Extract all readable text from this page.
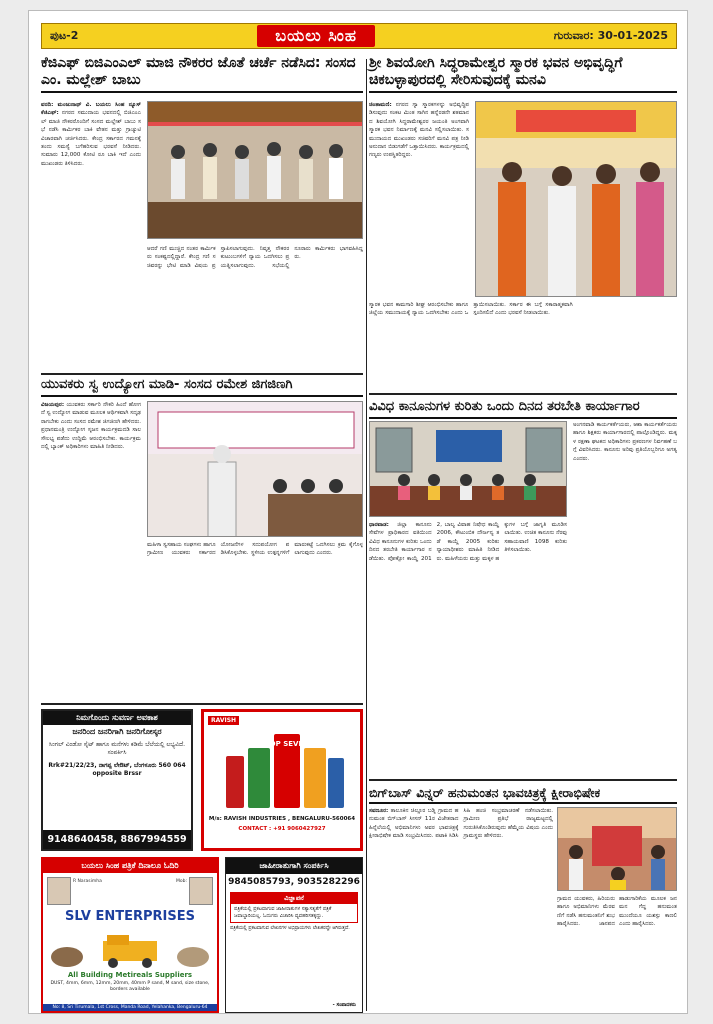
ಪುಟ-2	ಬಯಲು ಸಿಂಹ	ಗುರುವಾರ: 30-01-2025
ಕೆಜಿಎಫ್ ಬಿಜಿಎಂಎಲ್ ಮಾಜಿ ನೌಕರರ ಜೊತೆ ಚರ್ಚೆ ನಡೆಸಿದ: ಸಂಸದ ಎಂ. ಮಲ್ಲೇಶ್ ಬಾಬು
ವರದಿ: ಮಂಜುನಾಥ್ ವಿ. ಬಯಲು ಸಿಂಹ ನ್ಯೂಸ್ ಕೆಜಿಎಫ್: ನಗರದ ಸಮುದಾಯ ಭವನದಲ್ಲಿ ಬಿಜಿಎಂಎಲ್ ಮಾಜಿ ನೌಕರರೊಂದಿಗೆ ಸಂಸದ ಮಲ್ಲೇಶ್ ಬಾಬು ಸಭೆ ನಡೆಸಿ ಕಾರ್ಮಿಕರ ಬಾಕಿ ವೇತನ ಮತ್ತು ಗ್ರಾಚ್ಯುಟಿ ವಿಚಾರವಾಗಿ ಚರ್ಚಿಸಿದರು. ಕೇಂದ್ರ ಸರ್ಕಾರದ ಗಮನಕ್ಕೆ ತಂದು ಸಮಸ್ಯೆ ಬಗೆಹರಿಸುವ ಭರವಸೆ ನೀಡಿದರು. ಸುಮಾರು 12,000 ಕೋಟಿ ರೂ ಬಾಕಿ ಇದೆ ಎಂದು ಮುಖಂಡರು ತಿಳಿಸಿದರು.
ಆದರೆ ಗಣಿ ಮುಚ್ಚಿದ ನಂತರ ಕಾರ್ಮಿಕರು ಸಂಕಷ್ಟದಲ್ಲಿದ್ದಾರೆ. ಕೇಂದ್ರ ಗಣಿ ಸಚಿವರನ್ನು ಭೇಟಿ ಮಾಡಿ ವಿಷಯ ಪ್ರಸ್ತಾಪಿಸಲಾಗುವುದು. ನಿವೃತ್ತ ನೌಕರರ ಕುಟುಂಬಗಳಿಗೆ ನ್ಯಾಯ ಒದಗಿಸಲು ಪ್ರಯತ್ನಿಸಲಾಗುವುದು. ಸಭೆಯಲ್ಲಿ ನೂರಾರು ಕಾರ್ಮಿಕರು ಭಾಗವಹಿಸಿದ್ದರು.
ಶ್ರೀ ಶಿವಯೋಗಿ ಸಿದ್ಧರಾಮೇಶ್ವರ ಸ್ಮಾರಕ ಭವನ ಅಭಿವೃದ್ಧಿಗೆ ಚಿಕಬಳ್ಳಾಪುರದಲ್ಲಿ ಸೇರಿಸುವುದಕ್ಕೆ ಮನವಿ
ಚಿಂತಾಮಣಿ: ನಗರದ ಗ್ಯಾ ಸ್ಮಾರಕಗಳನ್ನು ಅಭಿವೃದ್ಧಿಪಡಿಸುವುದು ಸಂಕಟ ಮಿಂತ ಸಾಗಿನ ಹನ್ನೆರಡನೇ ಶತಮಾನದ ಶಿವಯೋಗಿ ಸಿದ್ಧರಾಮೇಶ್ವರರ ಜಯಂತಿ ಅಂಗವಾಗಿ ಸ್ಮಾರಕ ಭವನ ನಿರ್ಮಾಣಕ್ಕೆ ಮನವಿ ಸಲ್ಲಿಸಲಾಯಿತು. ಸಮುದಾಯದ ಮುಖಂಡರು ಸಚಿವರಿಗೆ ಮನವಿ ಪತ್ರ ನೀಡಿ ಅನುದಾನ ಬಿಡುಗಡೆಗೆ ಒತ್ತಾಯಿಸಿದರು. ಕಾರ್ಯಕ್ರಮದಲ್ಲಿ ಗಣ್ಯರು ಉಪಸ್ಥಿತರಿದ್ದರು.
ಸ್ಮಾರಕ ಭವನ ಕಾಮಗಾರಿ ಶೀಘ್ರ ಆರಂಭಿಸಬೇಕು ಹಾಗೂ ಜಿಲ್ಲೆಯ ಸಮುದಾಯಕ್ಕೆ ನ್ಯಾಯ ಒದಗಿಸಬೇಕು ಎಂದು ಒತ್ತಾಯಿಸಲಾಯಿತು. ಸರ್ಕಾರ ಈ ಬಗ್ಗೆ ಸಕಾರಾತ್ಮಕವಾಗಿ ಸ್ಪಂದಿಸಲಿದೆ ಎಂದು ಭರವಸೆ ನೀಡಲಾಯಿತು.
ಯುವಕರು ಸ್ವ ಉದ್ಯೋಗ ಮಾಡಿ- ಸಂಸದ ರಮೇಶ ಜಿಗಜಿಣಗಿ
ವಿಜಯಪುರ: ಯುವಕರು ಸರ್ಕಾರಿ ನೌಕರಿ ಹಿಂದೆ ಹೋಗದೆ ಸ್ವ ಉದ್ಯೋಗ ಮಾಡುವ ಮೂಲಕ ಆರ್ಥಿಕವಾಗಿ ಸದೃಢರಾಗಬೇಕು ಎಂದು ಸಂಸದ ರಮೇಶ ಜಿಗಜಿಣಗಿ ಹೇಳಿದರು. ಪ್ರಧಾನಮಂತ್ರಿ ಉದ್ಯೋಗ ಸೃಜನ ಕಾರ್ಯಕ್ರಮದಡಿ ಸಾಲ ಸೌಲಭ್ಯ ಪಡೆದು ಉದ್ದಿಮೆ ಆರಂಭಿಸಬೇಕು. ಕಾರ್ಯಕ್ರಮದಲ್ಲಿ ಬ್ಯಾಂಕ್ ಅಧಿಕಾರಿಗಳು ಮಾಹಿತಿ ನೀಡಿದರು.
ಮಹಿಳಾ ಸ್ವಸಹಾಯ ಸಂಘಗಳು ಹಾಗೂ ಗ್ರಾಮೀಣ ಯುವಕರು ಸರ್ಕಾರದ ಯೋಜನೆಗಳ ಸದುಪಯೋಗ ಪಡಿಸಿಕೊಳ್ಳಬೇಕು. ಸ್ಥಳೀಯ ಉತ್ಪನ್ನಗಳಿಗೆ ಮಾರುಕಟ್ಟೆ ಒದಗಿಸಲು ಕ್ರಮ ಕೈಗೊಳ್ಳಲಾಗುವುದು ಎಂದರು.
ವಿವಿಧ ಕಾನೂನುಗಳ ಕುರಿತು ಒಂದು ದಿನದ ತರಬೇತಿ ಕಾರ್ಯಾಗಾರ
ಧಾರವಾಡ: ಜಿಲ್ಲಾ ಕಾನೂನು ಸೇವೆಗಳ ಪ್ರಾಧಿಕಾರದ ವತಿಯಿಂದ ವಿವಿಧ ಕಾನೂನುಗಳ ಕುರಿತು ಒಂದು ದಿನದ ತರಬೇತಿ ಕಾರ್ಯಾಗಾರ ನಡೆಯಿತು. ಪೋಕ್ಸೋ ಕಾಯ್ದೆ 2012, ಬಾಲ್ಯ ವಿವಾಹ ನಿಷೇಧ ಕಾಯ್ದೆ 2006, ಕೌಟುಂಬಿಕ ದೌರ್ಜನ್ಯ ತಡೆ ಕಾಯ್ದೆ 2005 ಕುರಿತು ನ್ಯಾಯಾಧೀಶರು ಮಾಹಿತಿ ನೀಡಿದರು. ಮಹಿಳೆಯರು ಮತ್ತು ಮಕ್ಕಳ ಹಕ್ಕುಗಳ ಬಗ್ಗೆ ಜಾಗೃತಿ ಮೂಡಿಸಲಾಯಿತು. ಉಚಿತ ಕಾನೂನು ನೆರವು ಸಹಾಯವಾಣಿ 1098 ಕುರಿತು ತಿಳಿಸಲಾಯಿತು.
ಅಂಗನವಾಡಿ ಕಾರ್ಯಕರ್ತೆಯರು, ಆಶಾ ಕಾರ್ಯಕರ್ತೆಯರು ಹಾಗೂ ಶಿಕ್ಷಕರು ಕಾರ್ಯಾಗಾರದಲ್ಲಿ ಪಾಲ್ಗೊಂಡಿದ್ದರು. ಮಕ್ಕಳ ರಕ್ಷಣಾ ಘಟಕದ ಅಧಿಕಾರಿಗಳು ಪ್ರಕರಣಗಳ ನಿರ್ವಹಣೆ ಬಗ್ಗೆ ವಿವರಿಸಿದರು. ಕಾನೂನು ಅರಿವು ಪ್ರತಿಯೊಬ್ಬರಿಗೂ ಅಗತ್ಯ ಎಂದರು.
ಬಿಗ್‌ಬಾಸ್ ವಿನ್ನರ್ ಹನುಮಂತನ ಭಾವಚಿತ್ರಕ್ಕೆ ಕ್ಷೀರಾಭಿಷೇಕ
ಸವಣೂರ: ತಾಲೂಕಿನ ಚಿಲ್ಲೂರ ಬಡ್ನಿ ಗ್ರಾಮದ ಹನುಮಂತ ಬಿಗ್‌ಬಾಸ್ ಸೀಸನ್ 11ರ ವಿಜೇತರಾದ ಹಿನ್ನೆಲೆಯಲ್ಲಿ ಅಭಿಮಾನಿಗಳು ಅವರ ಭಾವಚಿತ್ರಕ್ಕೆ ಕ್ಷೀರಾಭಿಷೇಕ ಮಾಡಿ ಸಂಭ್ರಮಿಸಿದರು. ಪಟಾಕಿ ಸಿಡಿಸಿ ಸಿಹಿ ಹಂಚಿ ಸಂಭ್ರಮಾಚರಣೆ ನಡೆಸಲಾಯಿತು. ಗ್ರಾಮೀಣ ಪ್ರತಿಭೆ ರಾಜ್ಯಮಟ್ಟದಲ್ಲಿ ಗುರುತಿಸಿಕೊಂಡಿರುವುದು ಹೆಮ್ಮೆಯ ವಿಷಯ ಎಂದು ಗ್ರಾಮಸ್ಥರು ಹೇಳಿದರು.
ಗ್ರಾಮದ ಯುವಕರು, ಹಿರಿಯರು ಹಾಗೂ ಅಭಿಮಾನಿಗಳು ಮೆರವಣಿಗೆ ನಡೆಸಿ ಹನುಮಂತನಿಗೆ ಶುಭ ಹಾರೈಸಿದರು. ಜಾನಪದ ಹಾಡುಗಾರಿಕೆಯ ಮೂಲಕ ಜನಮನ ಗೆದ್ದ ಹನುಮಂತ ಮುಂದೆಯೂ ಯಶಸ್ಸು ಕಾಣಲಿ ಎಂದು ಹಾರೈಸಿದರು.
ನಿಮಗೊಂದು ಸುವರ್ಣ ಅವಕಾಶ
ಜನರಿಂದ ಜನರಿಗಾಗಿ ಜನರಿಗೋಸ್ಕರ
ಸಿಂಗಲ್ ವಿಂಡೋ ಸೈಟ್ ಹಾಗೂ ಮನೆಗಳು ಕಡಿಮೆ ಬೆಲೆಯಲ್ಲಿ ಲಭ್ಯವಿದೆ. ಸಂಪರ್ಕಿಸಿ
Rrk#21/22/23, ನಾಗಪ್ಪ ಲೇಔಟ್, ಬೆಂಗಳೂರು 560 064 opposite Brssr
9148640458, 8867994559
RAVISH
TOP SEVEN
M/s: RAVISH INDUSTRIES , BENGALURU-560064
CONTACT : +91 9060427927
ಬಯಲು ಸಿಂಹ ಪತ್ರಿಕೆ ದಿನಾಲೂ ಓದಿರಿ
R Narasimha	Mob:
SLV ENTERPRISES
All Building Metireals Suppliers
DUST, 4mm, 6mm, 12mm, 20mm, 40mm P sand, M sand, size stone, borders available
No: 8, Sri Tirumala, 1st Cross, Manda Road, Yelahanka, Bengaluru-64
ಜಾಹೀರಾತುಗಾಗಿ ಸಂಪರ್ಕಿಸಿ
9845085793, 9035282296
ವಿಜ್ಞಾಪನೆ
ಪತ್ರಿಕೆಯಲ್ಲಿ ಪ್ರಕಟವಾಗುವ ಜಾಹೀರಾತುಗಳ ಸತ್ಯಾಸತ್ಯತೆಗೆ ಪತ್ರಿಕೆ ಜವಾಬ್ದಾರಿಯಲ್ಲ. ಓದುಗರು ವಿಚಾರಿಸಿ ವ್ಯವಹರಿಸತಕ್ಕದ್ದು.
ಪತ್ರಿಕೆಯಲ್ಲಿ ಪ್ರಕಟವಾಗುವ ಲೇಖನಗಳ ಅಭಿಪ್ರಾಯಗಳು ಲೇಖಕರದ್ದೇ ಆಗಿರುತ್ತವೆ.
- ಸಂಪಾದಕರು
